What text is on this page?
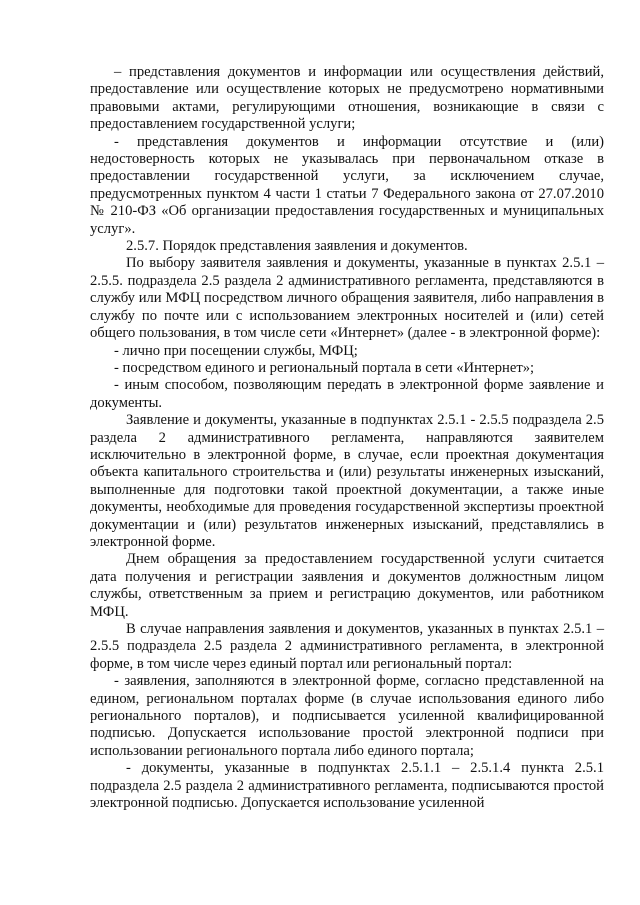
– представления документов и информации или осуществления действий, предоставление или осуществление которых не предусмотрено нормативными правовыми актами, регулирующими отношения, возникающие в связи с предоставлением государственной услуги;

- представления документов и информации отсутствие и (или) недостоверность которых не указывалась при первоначальном отказе в предоставлении государственной услуги, за исключением случае, предусмотренных пунктом 4 части 1 статьи 7 Федерального закона от 27.07.2010 № 210-ФЗ «Об организации предоставления государственных и муниципальных услуг».

2.5.7. Порядок представления заявления и документов.

По выбору заявителя заявления и документы, указанные в пунктах 2.5.1 – 2.5.5. подраздела 2.5 раздела 2 административного регламента, представляются в службу или МФЦ посредством личного обращения заявителя, либо направления в службу по почте или с использованием электронных носителей и (или) сетей общего пользования, в том числе сети «Интернет» (далее - в электронной форме):

- лично при посещении службы, МФЦ;

- посредством единого и региональный портала в сети «Интернет»;

- иным способом, позволяющим передать в электронной форме заявление и документы.

Заявление и документы, указанные в подпунктах 2.5.1 - 2.5.5 подраздела 2.5 раздела 2 административного регламента, направляются заявителем исключительно в электронной форме, в случае, если проектная документация объекта капитального строительства и (или) результаты инженерных изысканий, выполненные для подготовки такой проектной документации, а также иные документы, необходимые для проведения государственной экспертизы проектной документации и (или) результатов инженерных изысканий, представлялись в электронной форме.

Днем обращения за предоставлением государственной услуги считается дата получения и регистрации заявления и документов должностным лицом службы, ответственным за прием и регистрацию документов, или работником МФЦ.

В случае направления заявления и документов, указанных в пунктах 2.5.1 – 2.5.5 подраздела 2.5 раздела 2 административного регламента, в электронной форме, в том числе через единый портал или региональный портал:

- заявления, заполняются в электронной форме, согласно представленной на едином, региональном порталах форме (в случае использования единого либо регионального порталов), и подписывается усиленной квалифицированной подписью. Допускается использование простой электронной подписи при использовании регионального портала либо единого портала;

- документы, указанные в подпунктах 2.5.1.1 – 2.5.1.4 пункта 2.5.1 подраздела 2.5 раздела 2 административного регламента, подписываются простой электронной подписью. Допускается использование усиленной
